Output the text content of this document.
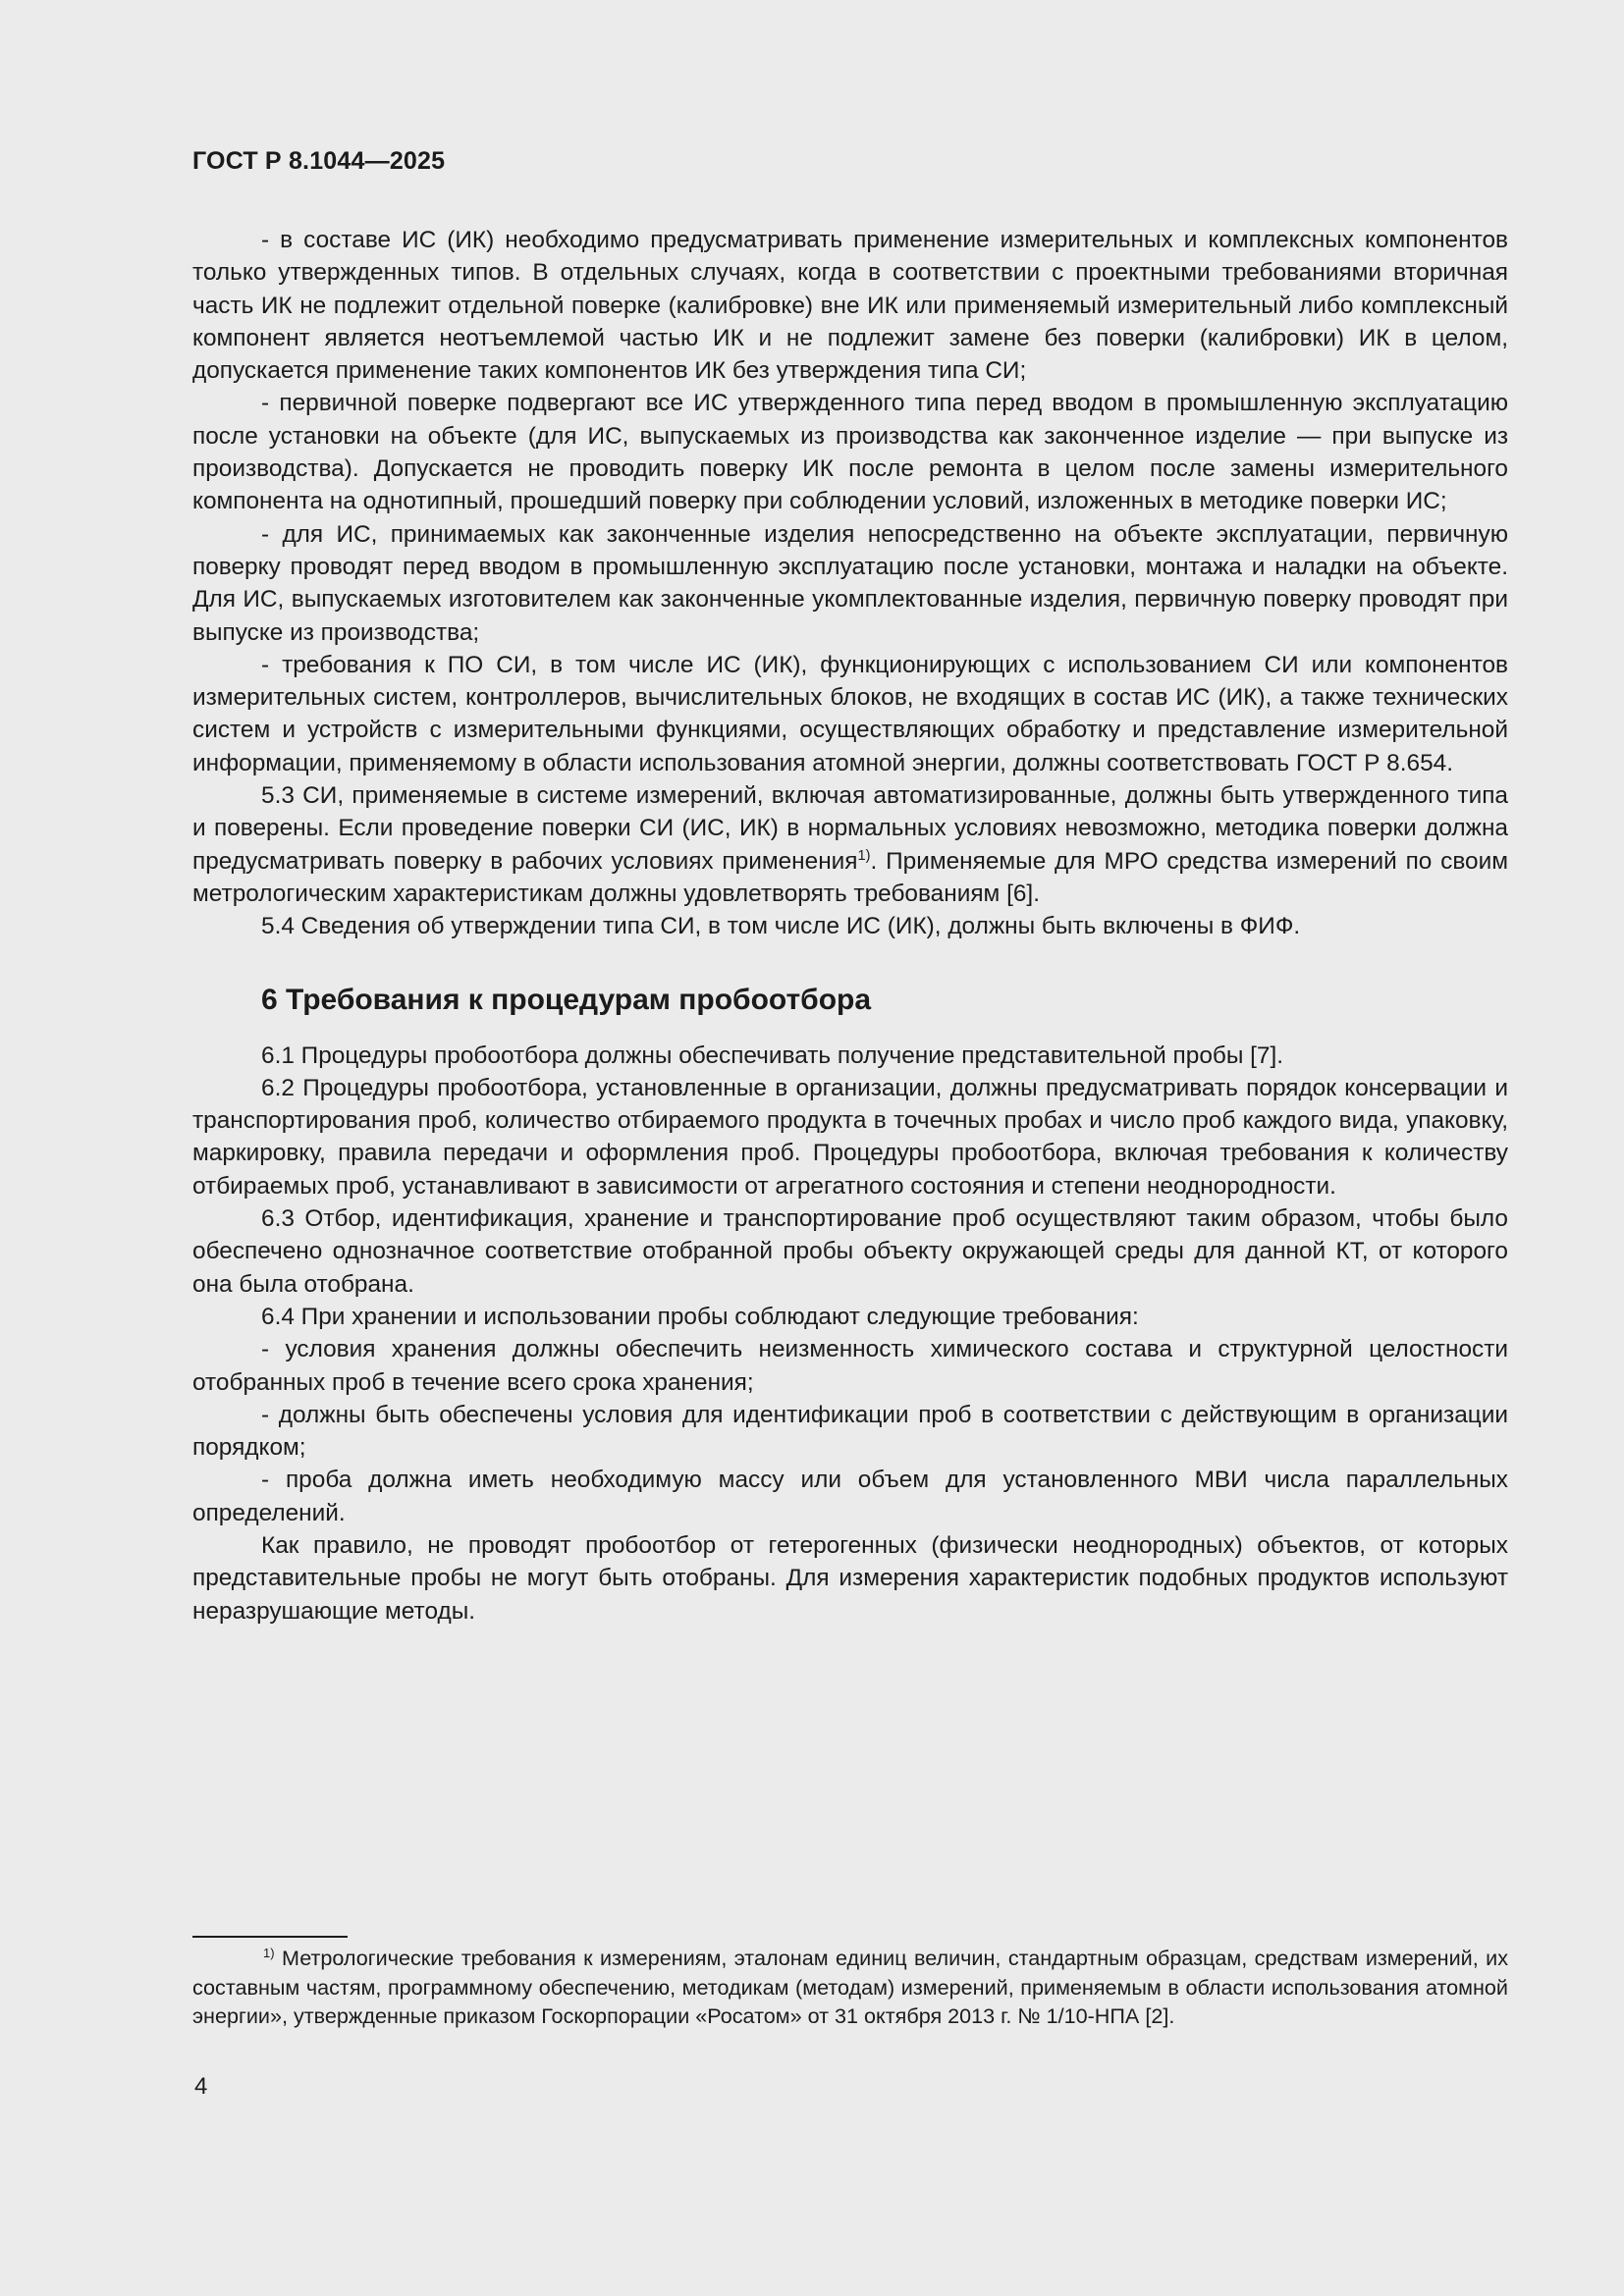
ГОСТ Р 8.1044—2025

- в составе ИС (ИК) необходимо предусматривать применение измерительных и комплексных компонентов только утвержденных типов. В отдельных случаях, когда в соответствии с проектными требованиями вторичная часть ИК не подлежит отдельной поверке (калибровке) вне ИК или применяемый измерительный либо комплексный компонент является неотъемлемой частью ИК и не подлежит замене без поверки (калибровки) ИК в целом, допускается применение таких компонентов ИК без утверждения типа СИ;

- первичной поверке подвергают все ИС утвержденного типа перед вводом в промышленную эксплуатацию после установки на объекте (для ИС, выпускаемых из производства как законченное изделие — при выпуске из производства). Допускается не проводить поверку ИК после ремонта в целом после замены измерительного компонента на однотипный, прошедший поверку при соблюдении условий, изложенных в методике поверки ИС;

- для ИС, принимаемых как законченные изделия непосредственно на объекте эксплуатации, первичную поверку проводят перед вводом в промышленную эксплуатацию после установки, монтажа и наладки на объекте. Для ИС, выпускаемых изготовителем как законченные укомплектованные изделия, первичную поверку проводят при выпуске из производства;

- требования к ПО СИ, в том числе ИС (ИК), функционирующих с использованием СИ или компонентов измерительных систем, контроллеров, вычислительных блоков, не входящих в состав ИС (ИК), а также технических систем и устройств с измерительными функциями, осуществляющих обработку и представление измерительной информации, применяемому в области использования атомной энергии, должны соответствовать ГОСТ Р 8.654.

5.3 СИ, применяемые в системе измерений, включая автоматизированные, должны быть утвержденного типа и поверены. Если проведение поверки СИ (ИС, ИК) в нормальных условиях невозможно, методика поверки должна предусматривать поверку в рабочих условиях применения$^{1)}$. Применяемые для МРО средства измерений по своим метрологическим характеристикам должны удовлетворять требованиям [6].

5.4 Сведения об утверждении типа СИ, в том числе ИС (ИК), должны быть включены в ФИФ.

6 Требования к процедурам пробоотбора

6.1 Процедуры пробоотбора должны обеспечивать получение представительной пробы [7].

6.2 Процедуры пробоотбора, установленные в организации, должны предусматривать порядок консервации и транспортирования проб, количество отбираемого продукта в точечных пробах и число проб каждого вида, упаковку, маркировку, правила передачи и оформления проб. Процедуры пробоотбора, включая требования к количеству отбираемых проб, устанавливают в зависимости от агрегатного состояния и степени неоднородности.

6.3 Отбор, идентификация, хранение и транспортирование проб осуществляют таким образом, чтобы было обеспечено однозначное соответствие отобранной пробы объекту окружающей среды для данной КТ, от которого она была отобрана.

6.4 При хранении и использовании пробы соблюдают следующие требования:

- условия хранения должны обеспечить неизменность химического состава и структурной целостности отобранных проб в течение всего срока хранения;

- должны быть обеспечены условия для идентификации проб в соответствии с действующим в организации порядком;

- проба должна иметь необходимую массу или объем для установленного МВИ числа параллельных определений.

Как правило, не проводят пробоотбор от гетерогенных (физически неоднородных) объектов, от которых представительные пробы не могут быть отобраны. Для измерения характеристик подобных продуктов используют неразрушающие методы.

$^{1)}$ Метрологические требования к измерениям, эталонам единиц величин, стандартным образцам, средствам измерений, их составным частям, программному обеспечению, методикам (методам) измерений, применяемым в области использования атомной энергии», утвержденные приказом Госкорпорации «Росатом» от 31 октября 2013 г. № 1/10-НПА [2].

4
